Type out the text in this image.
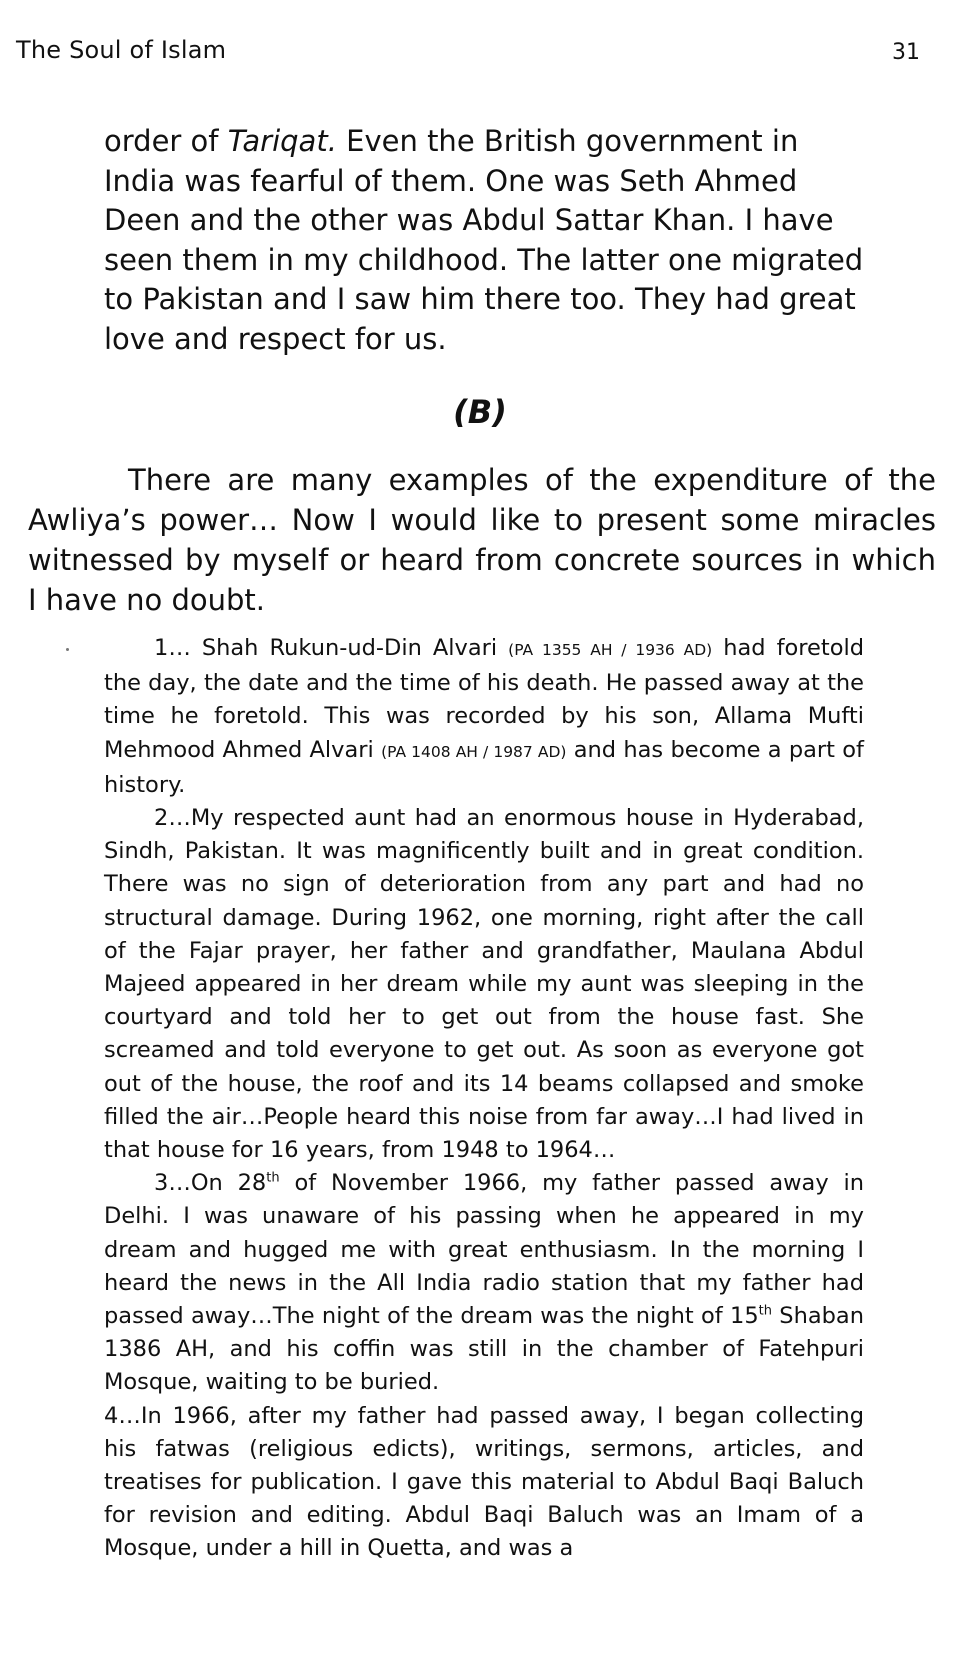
The Soul of Islam	31
order of Tariqat. Even the British government in India was fearful of them. One was Seth Ahmed Deen and the other was Abdul Sattar Khan. I have seen them in my childhood. The latter one migrated to Pakistan and I saw him there too. They had great love and respect for us.
(B)

There are many examples of the expenditure of the Awliya’s power… Now I would like to present some miracles witnessed by myself or heard from concrete sources in which I have no doubt.

1… Shah Rukun-ud-Din Alvari (PA 1355 AH / 1936 AD) had foretold the day, the date and the time of his death. He passed away at the time he foretold. This was recorded by his son, Allama Mufti Mehmood Ahmed Alvari (PA 1408 AH / 1987 AD) and has become a part of history.

2…My respected aunt had an enormous house in Hyderabad, Sindh, Pakistan. It was magnificently built and in great condition. There was no sign of deterioration from any part and had no structural damage. During 1962, one morning, right after the call of the Fajar prayer, her father and grandfather, Maulana Abdul Majeed appeared in her dream while my aunt was sleeping in the courtyard and told her to get out from the house fast. She screamed and told everyone to get out. As soon as everyone got out of the house, the roof and its 14 beams collapsed and smoke filled the air…People heard this noise from far away…I had lived in that house for 16 years, from 1948 to 1964…

3…On 28th of November 1966, my father passed away in Delhi. I was unaware of his passing when he appeared in my dream and hugged me with great enthusiasm. In the morning I heard the news in the All India radio station that my father had passed away…The night of the dream was the night of 15th Shaban 1386 AH, and his coffin was still in the chamber of Fatehpuri Mosque, waiting to be buried.

4…In 1966, after my father had passed away, I began collecting his fatwas (religious edicts), writings, sermons, articles, and treatises for publication. I gave this material to Abdul Baqi Baluch for revision and editing. Abdul Baqi Baluch was an Imam of a Mosque, under a hill in Quetta, and was a
